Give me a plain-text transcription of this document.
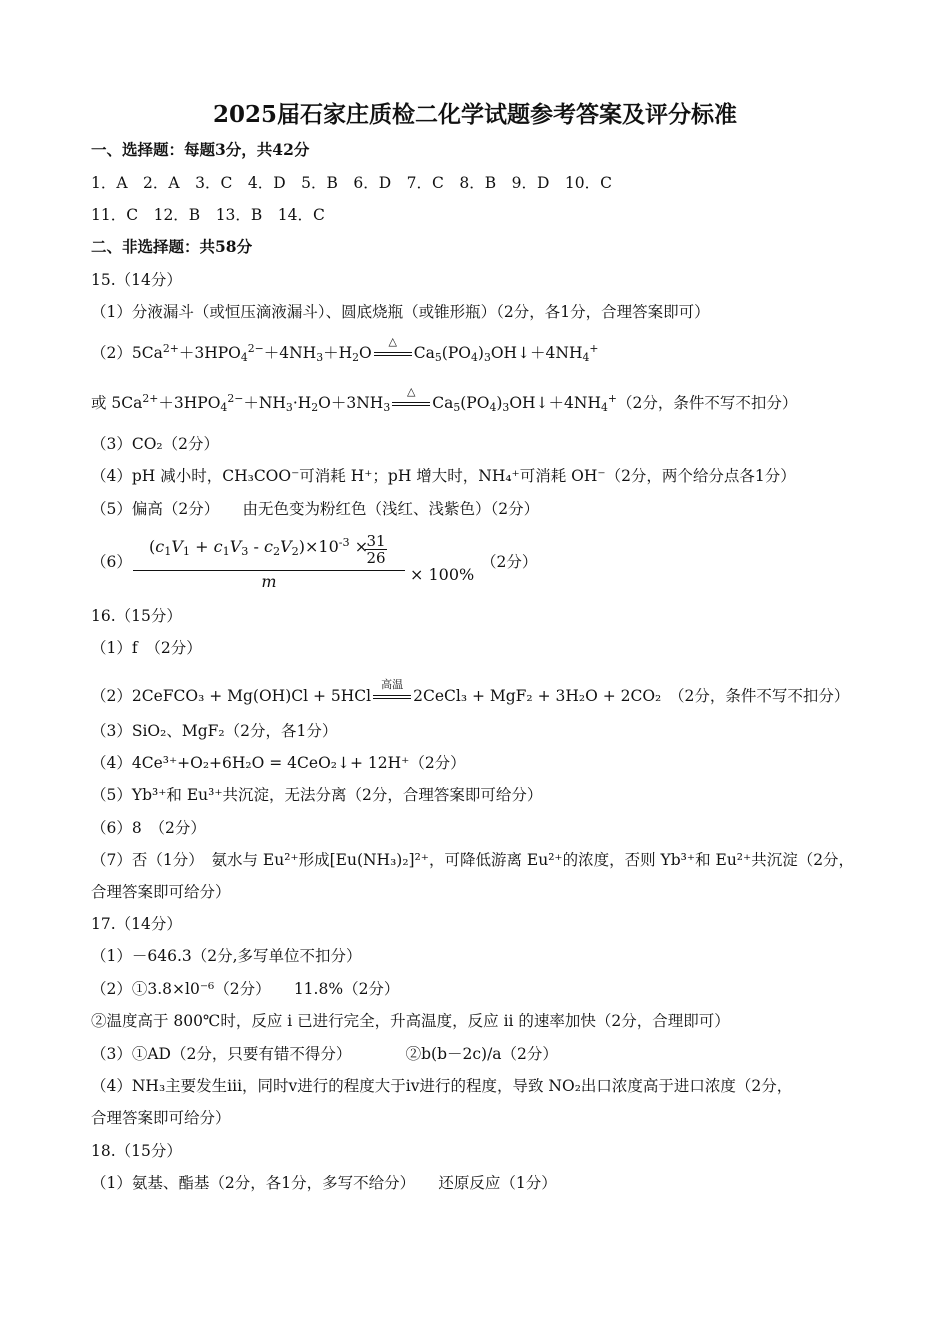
2025届石家庄质检二化学试题参考答案及评分标准
一、选择题：每题3分，共42分
1．A　2．A　3．C　4．D　5．B　6．D　7．C　8．B　9．D　10．C
11．C　12．B　13．B　14．C
二、非选择题：共58分
15.（14分）
（1）分液漏斗（或恒压滴液漏斗）、圆底烧瓶（或锥形瓶）（2分，各1分，合理答案即可）
$(2)5Ca^{2+}+3HPO_4^{2-}+4NH_3+H_2O$
△
$Ca_5(PO_4)_3OH↓+4NH_4^+$
或 $5Ca^{2+}+3HPO_4^{2-}+NH_3\cdot H_2O+3NH_3$
△
$Ca_5(PO_4)_3OH↓+4NH_4^+(2$分，条件不写不扣分）
（3）CO₂（2分）
（4）pH 减小时，CH₃COO⁻可消耗 H⁺；pH 增大时，NH₄⁺可消耗 OH⁻（2分，两个给分点各1分）
（5）偏高（2分）　　由无色变为粉红色（浅红、浅紫色）（2分）
（6）
$(c_1V_1 + c_1V_3 - c_2V_2)\times 10^{-3}$ ×
31
26
m	× 100%
（2分）
16.（15分）
（1）f　（2分）
（2）2CeFCO₃ + Mg(OH)Cl + 5HCl
高温
2CeCl₃ + MgF₂ + 3H₂O + 2CO₂　（2分，条件不写不扣分）
（3）SiO₂、MgF₂（2分，各1分）
（4）4Ce³⁺+O₂+6H₂O = 4CeO₂↓+ 12H⁺（2分）
（5）Yb³⁺和 Eu³⁺共沉淀，无法分离（2分，合理答案即可给分）
（6）8　（2分）
（7）否（1分）　氨水与 Eu²⁺形成[Eu(NH₃)₂]²⁺，可降低游离 Eu²⁺的浓度，否则 Yb³⁺和 Eu²⁺共沉淀（2分，
合理答案即可给分）
17.（14分）
（1）－646.3（2分,多写单位不扣分）
（2）①3.8×l0⁻⁶（2分）　　11.8%（2分）
②温度高于 800℃时，反应 i 已进行完全，升高温度，反应 ii 的速率加快（2分，合理即可）
（3）①AD（2分，只要有错不得分）　　　　②b(b－2c)/a（2分）
（4）NH₃主要发生iii，同时v进行的程度大于iv进行的程度，导致 NO₂出口浓度高于进口浓度（2分，
合理答案即可给分）
18.（15分）
（1）氨基、酯基（2分，各1分，多写不给分）　　还原反应（1分）
